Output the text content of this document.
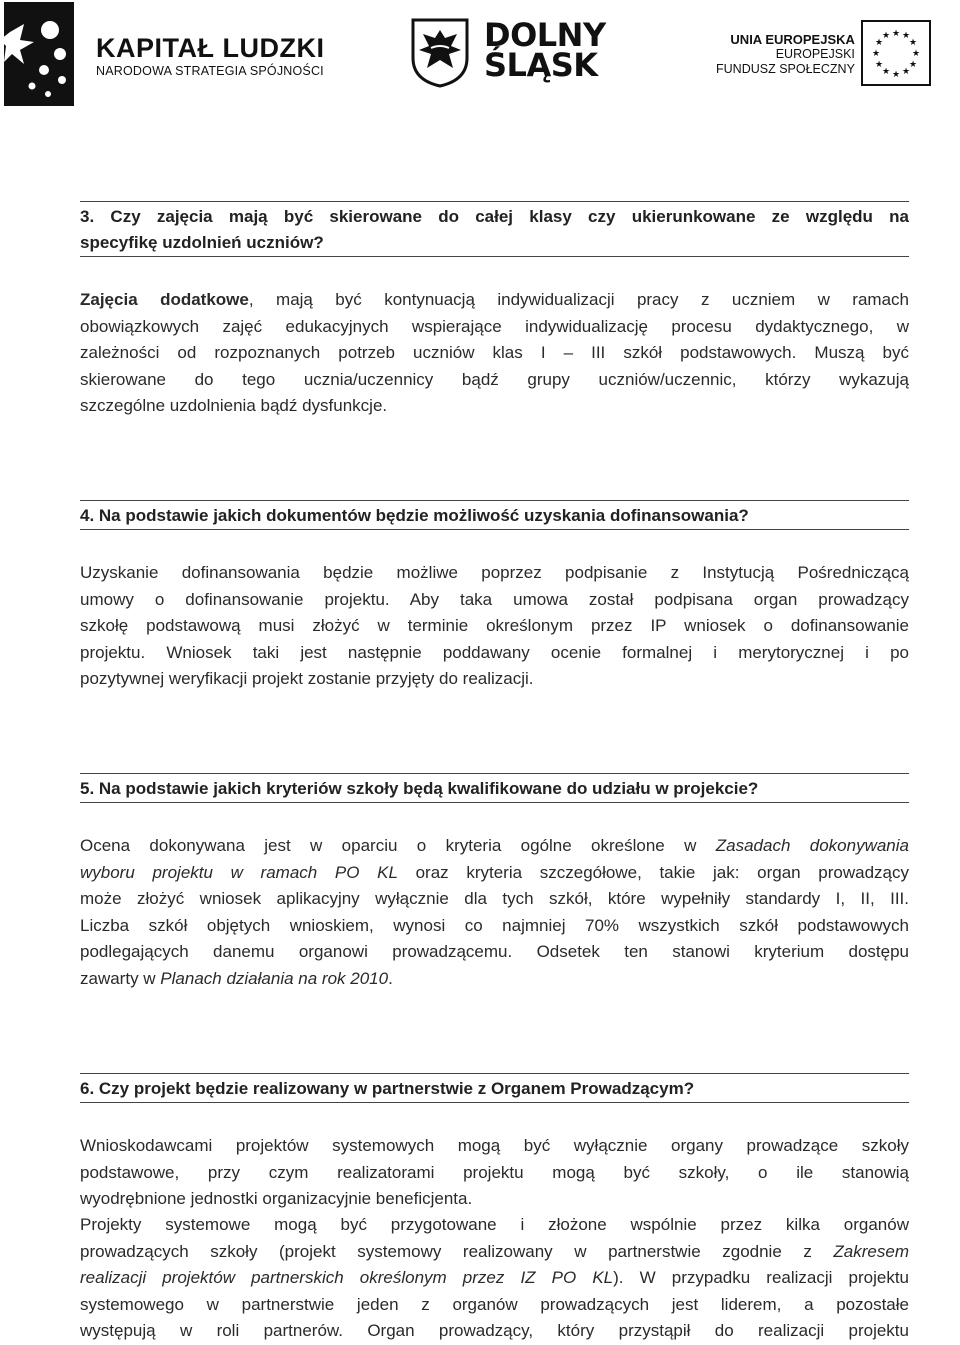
KAPITAŁ LUDZKI
NARODOWA STRATEGIA SPÓJNOŚCI
DOLNY
ŚLĄSK
UNIA EUROPEJSKA
EUROPEJSKI
FUNDUSZ SPOŁECZNY
★ ★
★
★
★
★
★
★
★
★
★
★
3. Czy zajęcia mają być skierowane do całej klasy czy ukierunkowane ze względu na
specyfikę uzdolnień uczniów?
Zajęcia dodatkowe, mają być kontynuacją indywidualizacji pracy z uczniem w ramach
obowiązkowych zajęć edukacyjnych wspierające indywidualizację procesu dydaktycznego, w
zależności od rozpoznanych potrzeb uczniów klas I – III szkół podstawowych. Muszą być
skierowane do tego ucznia/uczennicy bądź grupy uczniów/uczennic, którzy wykazują
szczególne uzdolnienia bądź dysfunkcje.
4. Na podstawie jakich dokumentów będzie możliwość uzyskania dofinansowania?
Uzyskanie dofinansowania będzie możliwe poprzez podpisanie z Instytucją Pośredniczącą
umowy o dofinansowanie projektu. Aby taka umowa został podpisana organ prowadzący
szkołę podstawową musi złożyć w terminie określonym przez IP wniosek o dofinansowanie
projektu. Wniosek taki jest następnie poddawany ocenie formalnej i merytorycznej i po
pozytywnej weryfikacji projekt zostanie przyjęty do realizacji.
5. Na podstawie jakich kryteriów szkoły będą kwalifikowane do udziału w projekcie?
Ocena dokonywana jest w oparciu o kryteria ogólne określone w Zasadach dokonywania
wyboru projektu w ramach PO KL oraz kryteria szczegółowe, takie jak: organ prowadzący
może złożyć wniosek aplikacyjny wyłącznie dla tych szkół, które wypełniły standardy I, II, III.
Liczba szkół objętych wnioskiem, wynosi co najmniej 70% wszystkich szkół podstawowych
podlegających danemu organowi prowadzącemu. Odsetek ten stanowi kryterium dostępu
zawarty w Planach działania na rok 2010.
6. Czy projekt będzie realizowany w partnerstwie z Organem Prowadzącym?
Wnioskodawcami projektów systemowych mogą być wyłącznie organy prowadzące szkoły
podstawowe, przy czym realizatorami projektu mogą być szkoły, o ile stanowią
wyodrębnione jednostki organizacyjnie beneficjenta.
Projekty systemowe mogą być przygotowane i złożone wspólnie przez kilka organów
prowadzących szkoły (projekt systemowy realizowany w partnerstwie zgodnie z Zakresem
realizacji projektów partnerskich określonym przez IZ PO KL). W przypadku realizacji projektu
systemowego w partnerstwie jeden z organów prowadzących jest liderem, a pozostałe
występują w roli partnerów. Organ prowadzący, który przystąpił do realizacji projektu
